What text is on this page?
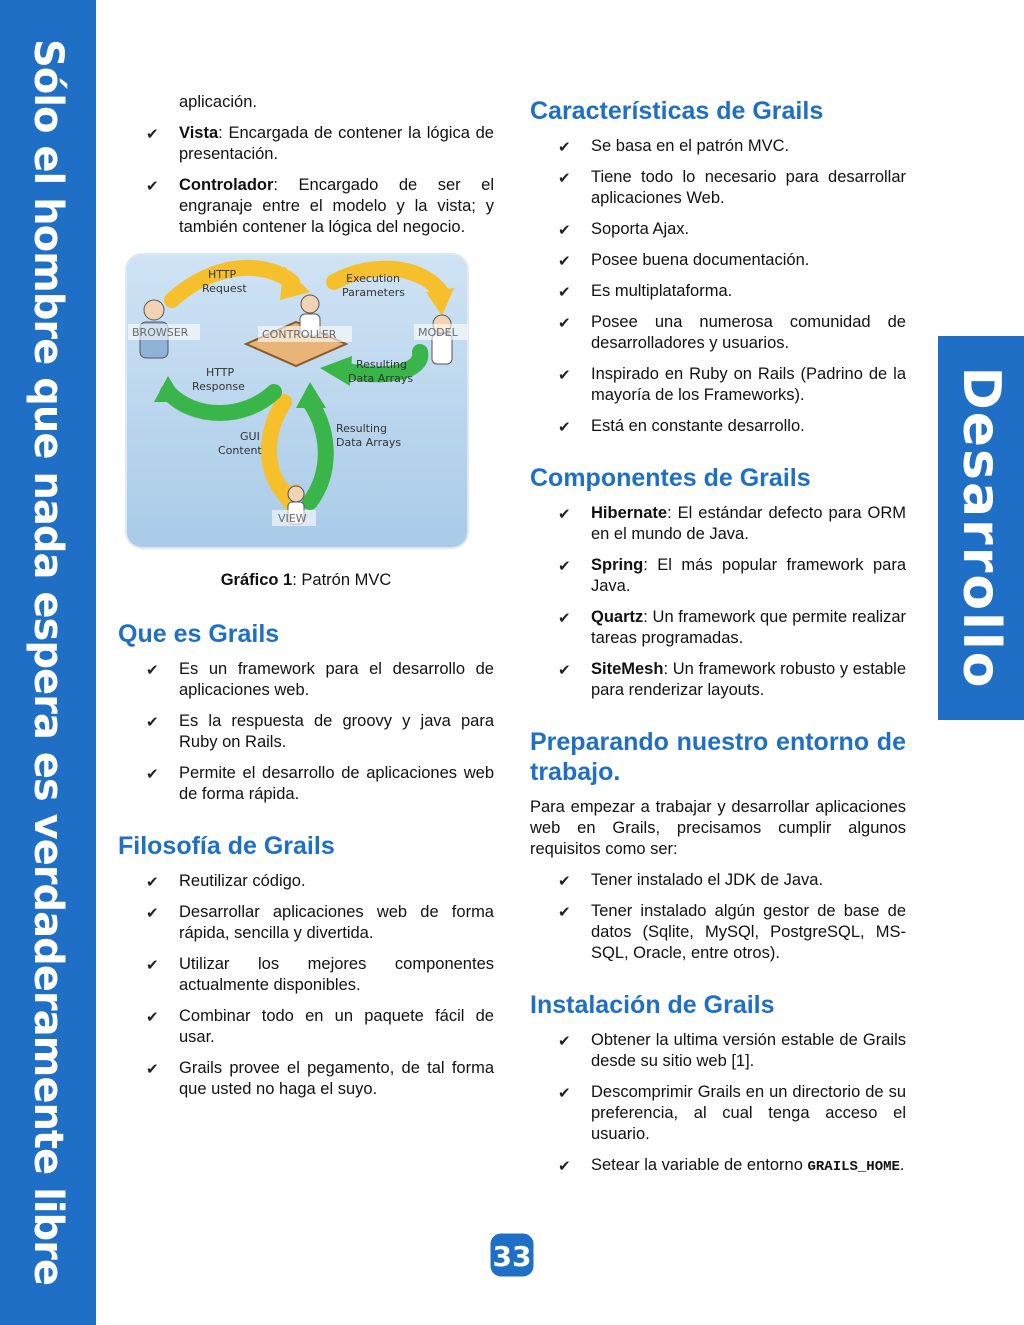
Sólo el hombre que nada espera es verdaderamente libre	Desarrollo
aplicación.
✔ Vista: Encargada de contener la lógica de presentación.
✔ Controlador: Encargado de ser el engranaje entre el modelo y la vista; y también contener la lógica del negocio.
BROWSER	CONTROLLER	MODEL
VIEW
HTTP Request
Execution Parameters
Resulting Data Arrays
HTTP Response
GUI Content
Resulting Data Arrays
Gráfico 1: Patrón MVC
Que es Grails
✔ Es un framework para el desarrollo de aplicaciones web.
✔ Es la respuesta de groovy y java para Ruby on Rails.
✔ Permite el desarrollo de aplicaciones web de forma rápida.
Filosofía de Grails
✔ Reutilizar código.
✔ Desarrollar aplicaciones web de forma rápida, sencilla y divertida.
✔ Utilizar los mejores componentes actualmente disponibles.
✔ Combinar todo en un paquete fácil de usar.
✔ Grails provee el pegamento, de tal forma que usted no haga el suyo.
Características de Grails
✔ Se basa en el patrón MVC.
✔ Tiene todo lo necesario para desarrollar aplicaciones Web.
✔ Soporta Ajax.
✔ Posee buena documentación.
✔ Es multiplataforma.
✔ Posee una numerosa comunidad de desarrolladores y usuarios.
✔ Inspirado en Ruby on Rails (Padrino de la mayoría de los Frameworks).
✔ Está en constante desarrollo.
Componentes de Grails
✔ Hibernate: El estándar defecto para ORM en el mundo de Java.
✔ Spring: El más popular framework para Java.
✔ Quartz: Un framework que permite realizar tareas programadas.
✔ SiteMesh: Un framework robusto y estable para renderizar layouts.
Preparando nuestro entorno de trabajo.
Para empezar a trabajar y desarrollar aplicaciones web en Grails, precisamos cumplir algunos requisitos como ser:
✔ Tener instalado el JDK de Java.
✔ Tener instalado algún gestor de base de datos (Sqlite, MySQl, PostgreSQL, MS-SQL, Oracle, entre otros).
Instalación de Grails
✔ Obtener la ultima versión estable de Grails desde su sitio web [1].
✔ Descomprimir Grails en un directorio de su preferencia, al cual tenga acceso el usuario.
✔ Setear la variable de entorno GRAILS_HOME.
33
